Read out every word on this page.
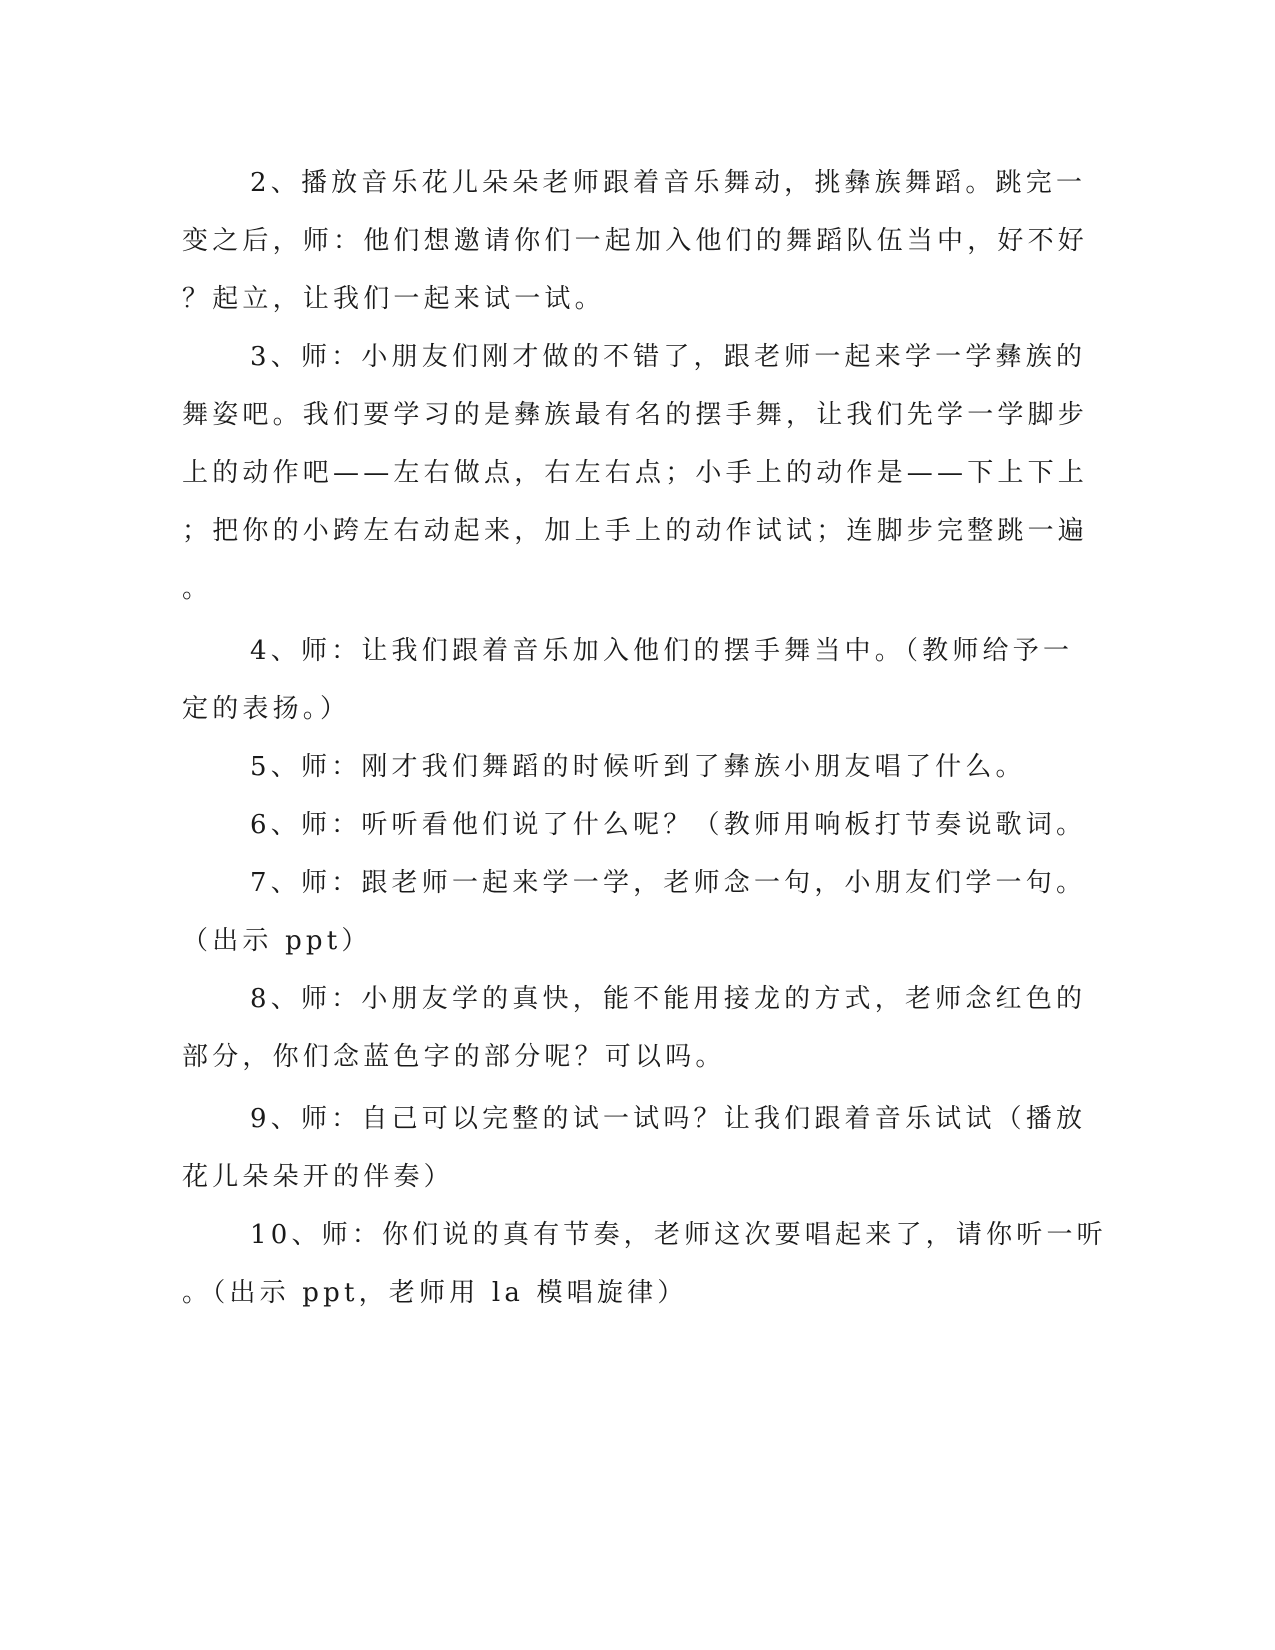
2、播放音乐花儿朵朵老师跟着音乐舞动，挑彝族舞蹈。跳完一
变之后，师：他们想邀请你们一起加入他们的舞蹈队伍当中，好不好
？起立，让我们一起来试一试。
3、师：小朋友们刚才做的不错了，跟老师一起来学一学彝族的
舞姿吧。我们要学习的是彝族最有名的摆手舞，让我们先学一学脚步
上的动作吧——左右做点，右左右点；小手上的动作是——下上下上
；把你的小跨左右动起来，加上手上的动作试试；连脚步完整跳一遍
。
4、师：让我们跟着音乐加入他们的摆手舞当中。（教师给予一
定的表扬。）
5、师：刚才我们舞蹈的时候听到了彝族小朋友唱了什么。
6、师：听听看他们说了什么呢？（教师用响板打节奏说歌词。
7、师：跟老师一起来学一学，老师念一句，小朋友们学一句。
（出示 ppt）
8、师：小朋友学的真快，能不能用接龙的方式，老师念红色的
部分，你们念蓝色字的部分呢？可以吗。
9、师：自己可以完整的试一试吗？让我们跟着音乐试试（播放
花儿朵朵开的伴奏）
10、师：你们说的真有节奏，老师这次要唱起来了，请你听一听
。（出示 ppt，老师用 la 模唱旋律）
